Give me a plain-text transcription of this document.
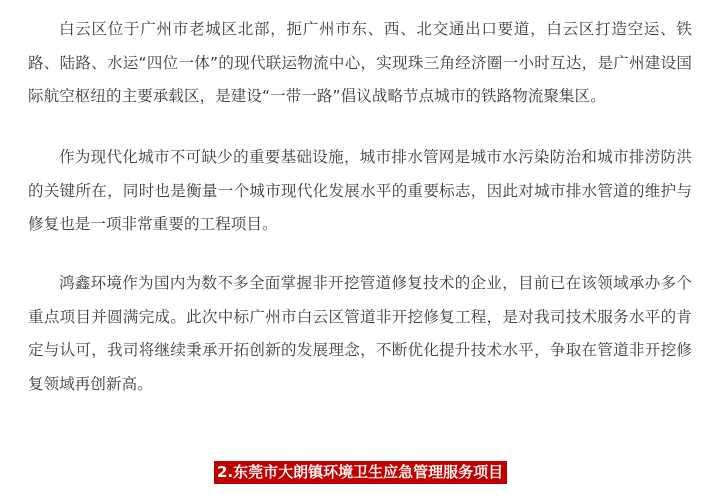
白云区位于广州市老城区北部，扼广州市东、西、北交通出口要道，白云区打造空运、铁路、陆路、水运“四位一体”的现代联运物流中心，实现珠三角经济圈一小时互达，是广州建设国际航空枢纽的主要承载区，是建设“一带一路”倡议战略节点城市的铁路物流聚集区。

作为现代化城市不可缺少的重要基础设施，城市排水管网是城市水污染防治和城市排涝防洪的关键所在，同时也是衡量一个城市现代化发展水平的重要标志，因此对城市排水管道的维护与修复也是一项非常重要的工程项目。

鸿鑫环境作为国内为数不多全面掌握非开挖管道修复技术的企业，目前已在该领域承办多个重点项目并圆满完成。此次中标广州市白云区管道非开挖修复工程，是对我司技术服务水平的肯定与认可，我司将继续秉承开拓创新的发展理念，不断优化提升技术水平，争取在管道非开挖修复领域再创新高。

2.东莞市大朗镇环境卫生应急管理服务项目
